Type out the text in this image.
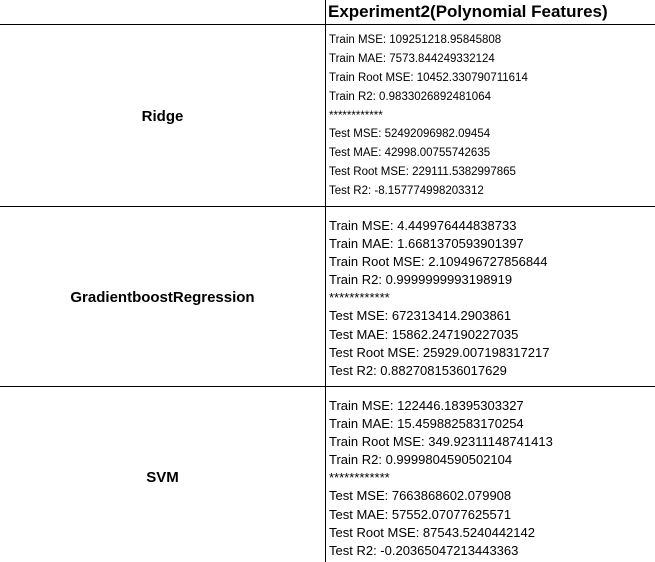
Experiment2(Polynomial Features)
Ridge
Train MSE: 109251218.95845808
Train MAE: 7573.844249332124
Train Root MSE: 10452.330790711614
Train R2: 0.9833026892481064
************
Test MSE: 52492096982.09454
Test MAE: 42998.00755742635
Test Root MSE: 229111.5382997865
Test R2: -8.157774998203312
GradientboostRegression
Train MSE: 4.449976444838733
Train MAE: 1.6681370593901397
Train Root MSE: 2.109496727856844
Train R2: 0.9999999993198919
************
Test MSE: 672313414.2903861
Test MAE: 15862.247190227035
Test Root MSE: 25929.007198317217
Test R2: 0.8827081536017629
SVM
Train MSE: 122446.18395303327
Train MAE: 15.459882583170254
Train Root MSE: 349.92311148741413
Train R2: 0.9999804590502104
************
Test MSE: 7663868602.079908
Test MAE: 57552.07077625571
Test Root MSE: 87543.5240442142
Test R2: -0.20365047213443363
